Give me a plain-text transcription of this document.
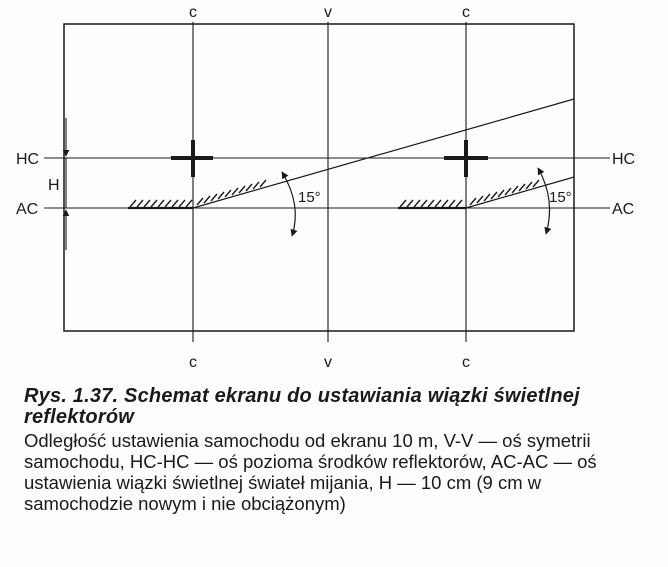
c	v	c
c	v	c
HC	HC
AC	AC
H
15°	15°
Rys. 1.37. Schemat ekranu do ustawiania wiązki świetlnej reflektorów
Odległość ustawienia samochodu od ekranu 10 m, V-V — oś symetrii samochodu, HC-HC — oś pozioma środków reflektorów, AC-AC — oś ustawienia wiązki świetlnej świateł mijania, H — 10 cm (9 cm w samochodzie nowym i nie obciążonym)
